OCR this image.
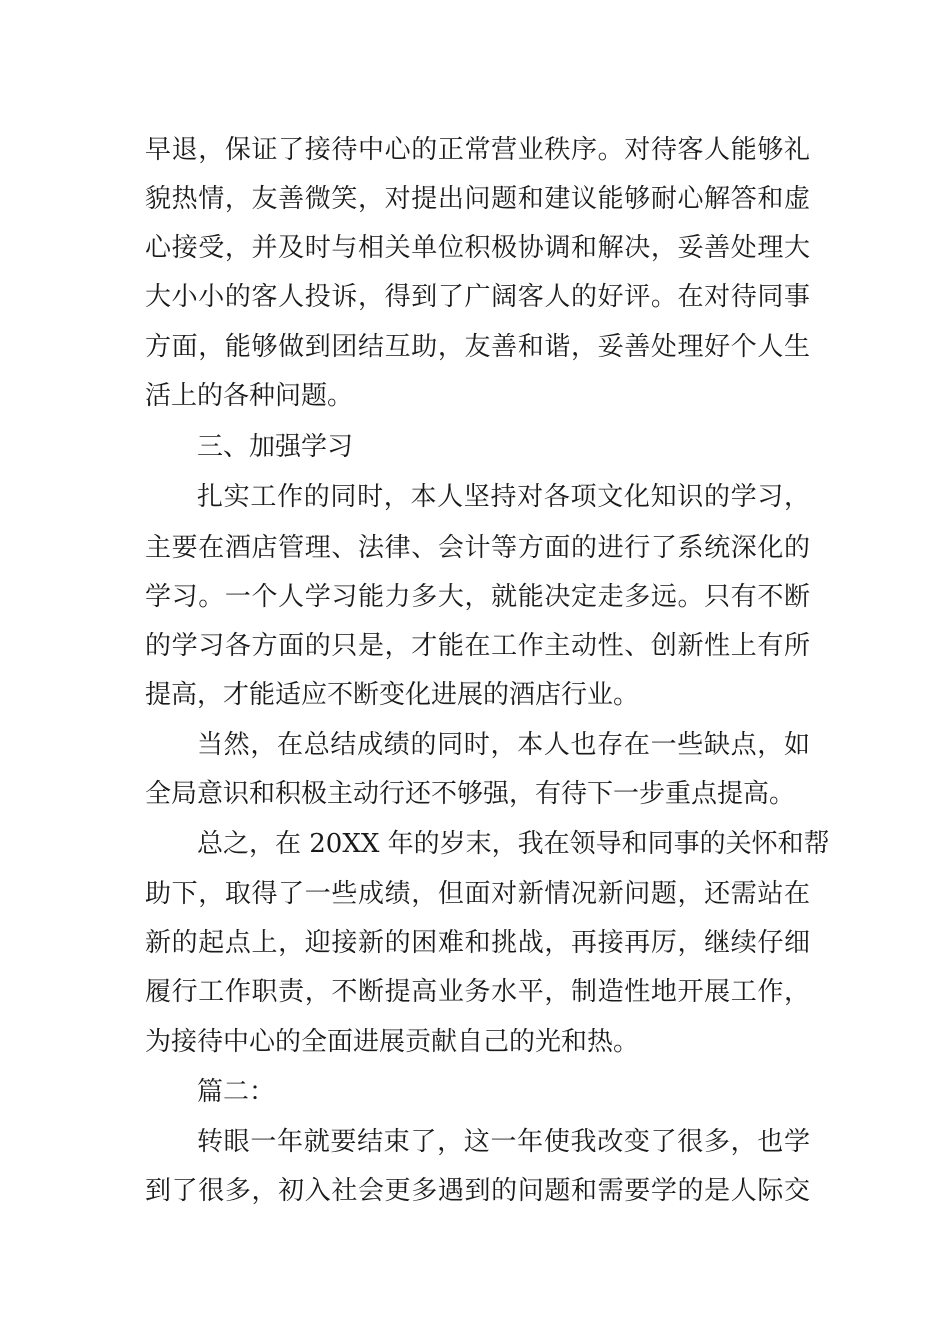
早退，保证了接待中心的正常营业秩序。对待客人能够礼
貌热情，友善微笑，对提出问题和建议能够耐心解答和虚
心接受，并及时与相关单位积极协调和解决，妥善处理大
大小小的客人投诉，得到了广阔客人的好评。在对待同事
方面，能够做到团结互助，友善和谐，妥善处理好个人生
活上的各种问题。
三、加强学习
扎实工作的同时，本人坚持对各项文化知识的学习，
主要在酒店管理、法律、会计等方面的进行了系统深化的
学习。一个人学习能力多大，就能决定走多远。只有不断
的学习各方面的只是，才能在工作主动性、创新性上有所
提高，才能适应不断变化进展的酒店行业。
当然，在总结成绩的同时，本人也存在一些缺点，如
全局意识和积极主动行还不够强，有待下一步重点提高。
总之，在 20XX 年的岁末，我在领导和同事的关怀和帮
助下，取得了一些成绩，但面对新情况新问题，还需站在
新的起点上，迎接新的困难和挑战，再接再厉，继续仔细
履行工作职责，不断提高业务水平，制造性地开展工作，
为接待中心的全面进展贡献自己的光和热。
篇二：
转眼一年就要结束了，这一年使我改变了很多，也学
到了很多，初入社会更多遇到的问题和需要学的是人际交
